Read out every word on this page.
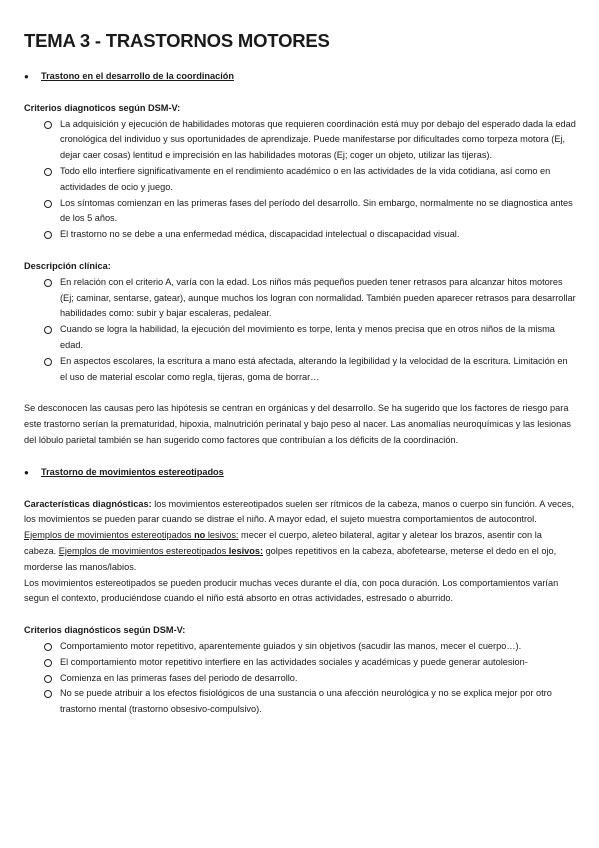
TEMA 3 - TRASTORNOS MOTORES
●	Trastono en el desarrollo de la coordinación

Criterios diagnoticos según DSM-V:

La adquisición y ejecución de habilidades motoras que requieren coordinación está muy por debajo del esperado dada la edad cronológica del individuo y sus oportunidades de aprendizaje. Puede manifestarse por dificultades como torpeza motora (Ej, dejar caer cosas) lentitud e imprecisión en las habilidades motoras (Ej; coger un objeto, utilizar las tijeras).
Todo ello interfiere significativamente en el rendimiento académico o en las actividades de la vida cotidiana, así como en actividades de ocio y juego.
Los síntomas comienzan en las primeras fases del período del desarrollo. Sin embargo, normalmente no se diagnostica antes de los 5 años.
El trastorno no se debe a una enfermedad médica, discapacidad intelectual o discapacidad visual.

Descripción clínica:

En relación con el criterio A, varía con la edad. Los niños más pequeños pueden tener retrasos para alcanzar hitos motores (Ej; caminar, sentarse, gatear), aunque muchos los logran con normalidad. También pueden aparecer retrasos para desarrollar habilidades como: subir y bajar escaleras, pedalear.
Cuando se logra la habilidad, la ejecución del movimiento es torpe, lenta y menos precisa que en otros niños de la misma edad.
En aspectos escolares, la escritura a mano está afectada, alterando la legibilidad y la velocidad de la escritura. Limitación en el uso de material escolar como regla, tijeras, goma de borrar…

Se desconocen las causas pero las hipótesis se centran en orgánicas y del desarrollo. Se ha sugerido que los factores de riesgo para este trastorno serían la prematuridad, hipoxia, malnutrición perinatal y bajo peso al nacer. Las anomalías neuroquímicas y las lesionas del lóbulo parietal también se han sugerido como factores que contribuían a los déficits de la coordinación.

●	Trastorno de movimientos estereotipados

Características diagnósticas: los movimientos estereotipados suelen ser rítmicos de la cabeza, manos o cuerpo sin función. A veces, los movimientos se pueden parar cuando se distrae el niño. A mayor edad, el sujeto muestra comportamientos de autocontrol. Ejemplos de movimientos estereotipados no lesivos: mecer el cuerpo, aleteo bilateral, agitar y aletear los brazos, asentir con la cabeza. Ejemplos de movimientos estereotipados lesivos: golpes repetitivos en la cabeza, abofetearse, meterse el dedo en el ojo, morderse las manos/labios.

Los movimientos estereotipados se pueden producir muchas veces durante el día, con poca duración. Los comportamientos varían segun el contexto, produciéndose cuando el niño está absorto en otras actividades, estresado o aburrido.

Criterios diagnósticos según DSM-V:

Comportamiento motor repetitivo, aparentemente guiados y sin objetivos (sacudir las manos, mecer el cuerpo…).
El comportamiento motor repetitivo interfiere en las actividades sociales y académicas y puede generar autolesion-
Comienza en las primeras fases del periodo de desarrollo.
No se puede atribuir a los efectos fisiológicos de una sustancia o una afección neurológica y no se explica mejor por otro trastorno mental (trastorno obsesivo-compulsivo).
